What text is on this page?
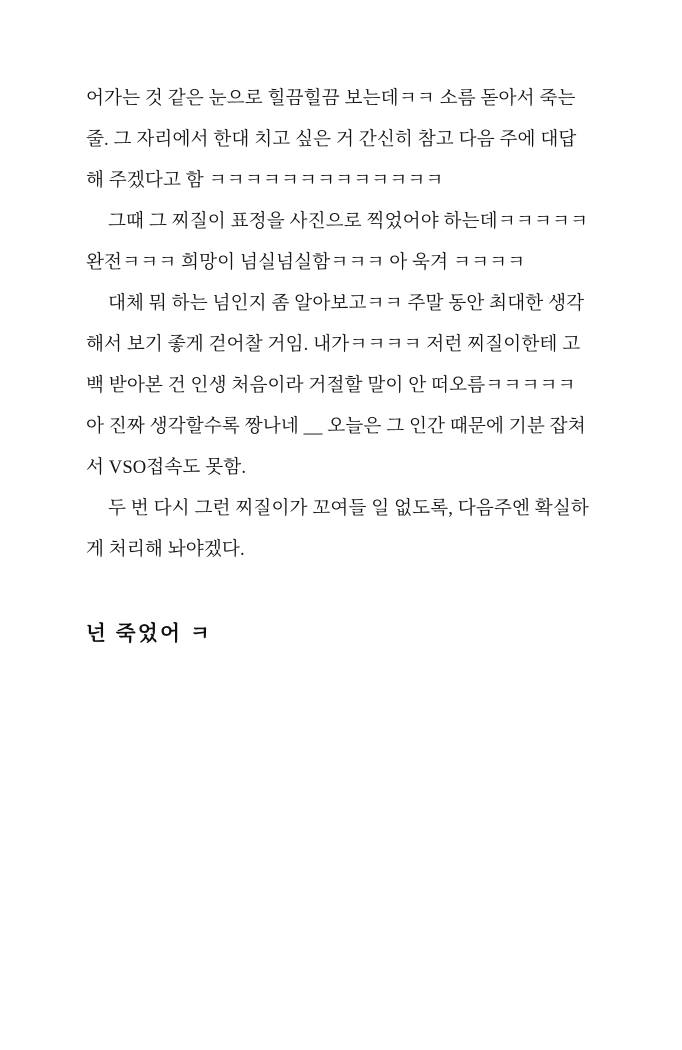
어가는 것 같은 눈으로 힐끔힐끔 보는데ㅋㅋ 소름 돋아서 죽는 줄. 그 자리에서 한대 치고 싶은 거 간신히 참고 다음 주에 대답해 주겠다고 함 ㅋㅋㅋㅋㅋㅋㅋㅋㅋㅋㅋㅋㅋ

그때 그 찌질이 표정을 사진으로 찍었어야 하는데ㅋㅋㅋㅋㅋ완전ㅋㅋㅋ 희망이 넘실넘실함ㅋㅋㅋ 아 욱겨 ㅋㅋㅋㅋ

대체 뭐 하는 넘인지 좀 알아보고ㅋㅋ 주말 동안 최대한 생각해서 보기 좋게 걷어찰 거임. 내가ㅋㅋㅋㅋ 저런 찌질이한테 고백 받아본 건 인생 처음이라 거절할 말이 안 떠오름ㅋㅋㅋㅋㅋ 아 진짜 생각할수록 짱나네 __ 오늘은 그 인간 때문에 기분 잡쳐서 VSO접속도 못함.

두 번 다시 그런 찌질이가 꼬여들 일 없도록, 다음주엔 확실하게 처리해 놔야겠다.

넌 죽었어 ㅋ
